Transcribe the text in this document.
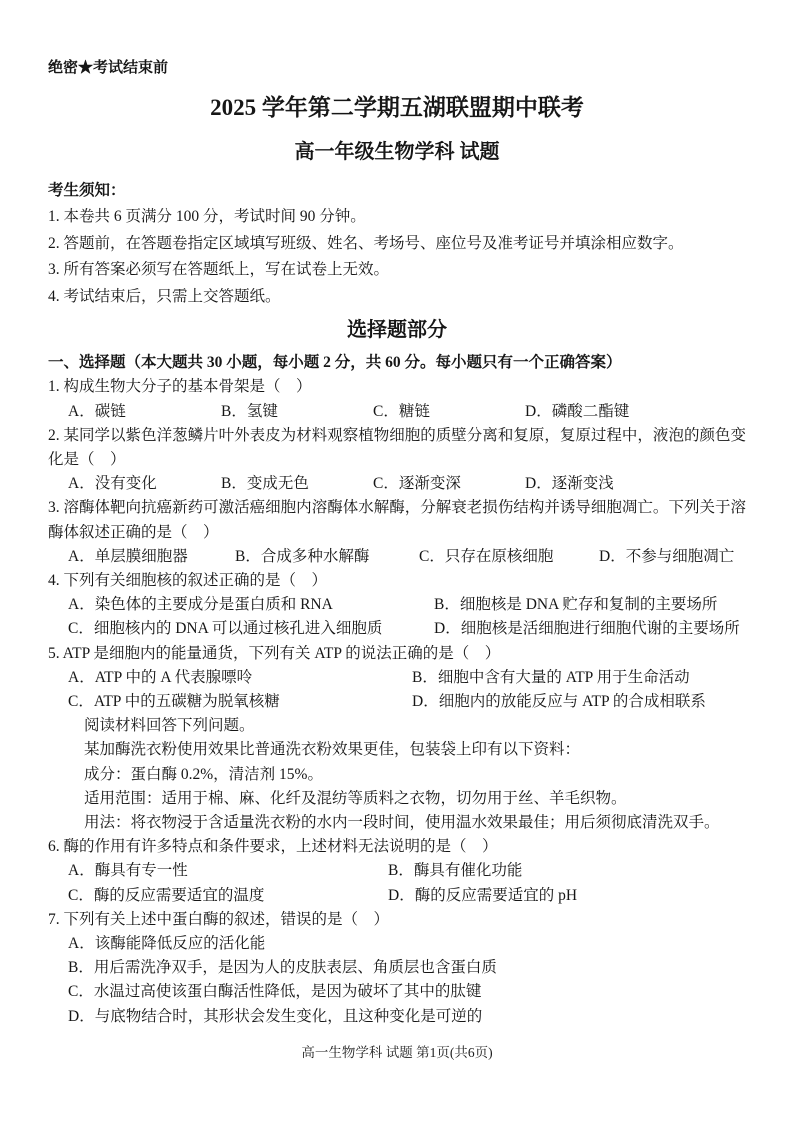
绝密★考试结束前
2025 学年第二学期五湖联盟期中联考
高一年级生物学科 试题
考生须知：
1. 本卷共 6 页满分 100 分，考试时间 90 分钟。
2. 答题前，在答题卷指定区域填写班级、姓名、考场号、座位号及准考证号并填涂相应数字。
3. 所有答案必须写在答题纸上，写在试卷上无效。
4. 考试结束后，只需上交答题纸。
选择题部分
一、选择题（本大题共 30 小题，每小题 2 分，共 60 分。每小题只有一个正确答案）
1. 构成生物大分子的基本骨架是（　）
A．碳链	B．氢键	C．糖链	D．磷酸二酯键
2. 某同学以紫色洋葱鳞片叶外表皮为材料观察植物细胞的质壁分离和复原，复原过程中，液泡的颜色变化是（　）
A．没有变化	B．变成无色	C．逐渐变深	D．逐渐变浅
3. 溶酶体靶向抗癌新药可激活癌细胞内溶酶体水解酶，分解衰老损伤结构并诱导细胞凋亡。下列关于溶酶体叙述正确的是（　）
A．单层膜细胞器	B．合成多种水解酶	C．只存在原核细胞	D．不参与细胞凋亡
4. 下列有关细胞核的叙述正确的是（　）
A．染色体的主要成分是蛋白质和 RNA	B．细胞核是 DNA 贮存和复制的主要场所
C．细胞核内的 DNA 可以通过核孔进入细胞质	D．细胞核是活细胞进行细胞代谢的主要场所
5. ATP 是细胞内的能量通货，下列有关 ATP 的说法正确的是（　）
A．ATP 中的 A 代表腺嘌呤	B．细胞中含有大量的 ATP 用于生命活动
C．ATP 中的五碳糖为脱氧核糖	D．细胞内的放能反应与 ATP 的合成相联系
阅读材料回答下列问题。
某加酶洗衣粉使用效果比普通洗衣粉效果更佳，包装袋上印有以下资料：
成分：蛋白酶 0.2%，清洁剂 15%。
适用范围：适用于棉、麻、化纤及混纺等质料之衣物，切勿用于丝、羊毛织物。
用法：将衣物浸于含适量洗衣粉的水内一段时间，使用温水效果最佳；用后须彻底清洗双手。
6. 酶的作用有许多特点和条件要求，上述材料无法说明的是（　）
A．酶具有专一性	B．酶具有催化功能
C．酶的反应需要适宜的温度	D．酶的反应需要适宜的 pH
7. 下列有关上述中蛋白酶的叙述，错误的是（　）
A．该酶能降低反应的活化能
B．用后需洗净双手，是因为人的皮肤表层、角质层也含蛋白质
C．水温过高使该蛋白酶活性降低，是因为破坏了其中的肽键
D．与底物结合时，其形状会发生变化，且这种变化是可逆的
高一生物学科 试题 第1页(共6页)
